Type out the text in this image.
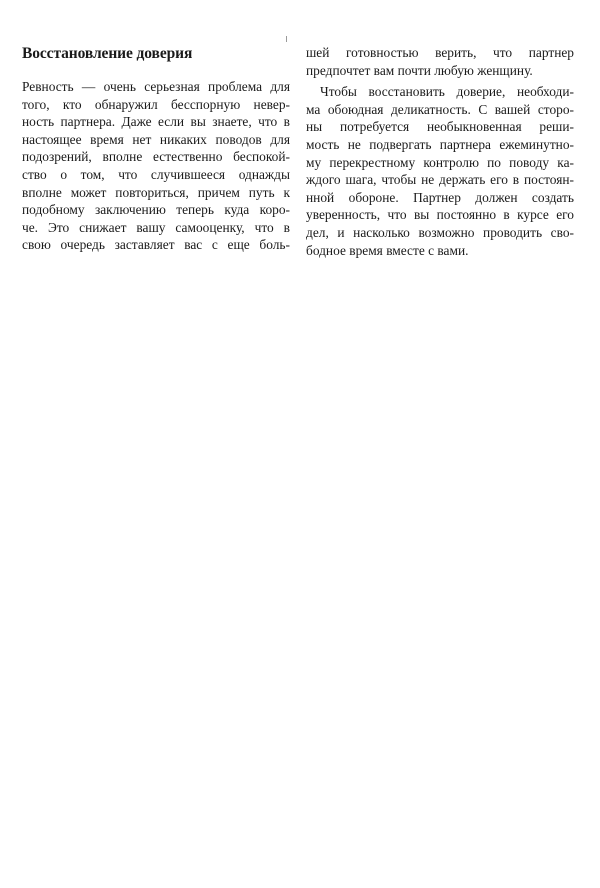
Восстановление доверия

Ревность — очень серьезная проблема для
того, кто обнаружил бесспорную невер-
ность партнера. Даже если вы знаете, что в
настоящее время нет никаких поводов для
подозрений, вполне естественно беспокой-
ство о том, что случившееся однажды
вполне может повториться, причем путь к
подобному заключению теперь куда коро-
че. Это снижает вашу самооценку, что в
свою очередь заставляет вас с еще боль-

шей готовностью верить, что партнер
предпочтет вам почти любую женщину.

Чтобы восстановить доверие, необходи-
ма обоюдная деликатность. С вашей сторо-
ны потребуется необыкновенная реши-
мость не подвергать партнера ежеминутно-
му перекрестному контролю по поводу ка-
ждого шага, чтобы не держать его в постоян-
нной обороне. Партнер должен создать
уверенность, что вы постоянно в курсе его
дел, и насколько возможно проводить сво-
бодное время вместе с вами.
